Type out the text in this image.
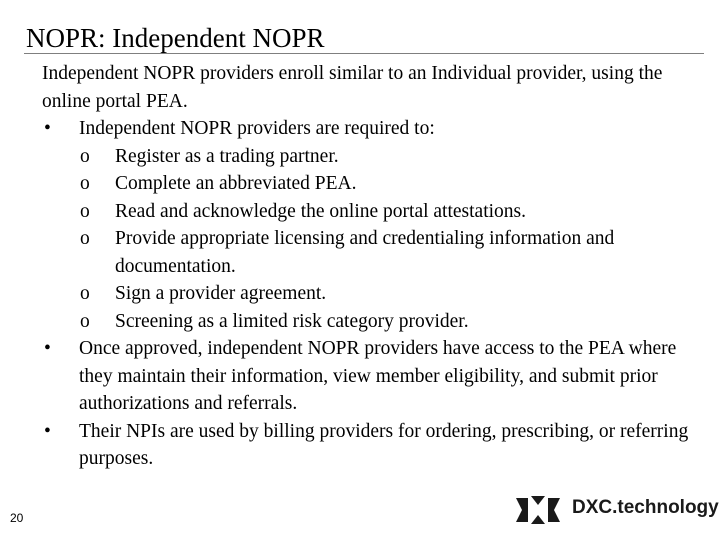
NOPR: Independent NOPR

Independent NOPR providers enroll similar to an Individual provider, using the online portal PEA.

• Independent NOPR providers are required to:
o Register as a trading partner.
o Complete an abbreviated PEA.
o Read and acknowledge the online portal attestations.
o Provide appropriate licensing and credentialing information and documentation.
o Sign a provider agreement.
o Screening as a limited risk category provider.
• Once approved, independent NOPR providers have access to the PEA where they maintain their information, view member eligibility, and submit prior authorizations and referrals.
• Their NPIs are used by billing providers for ordering, prescribing, or referring purposes.
20	DXC.technology
